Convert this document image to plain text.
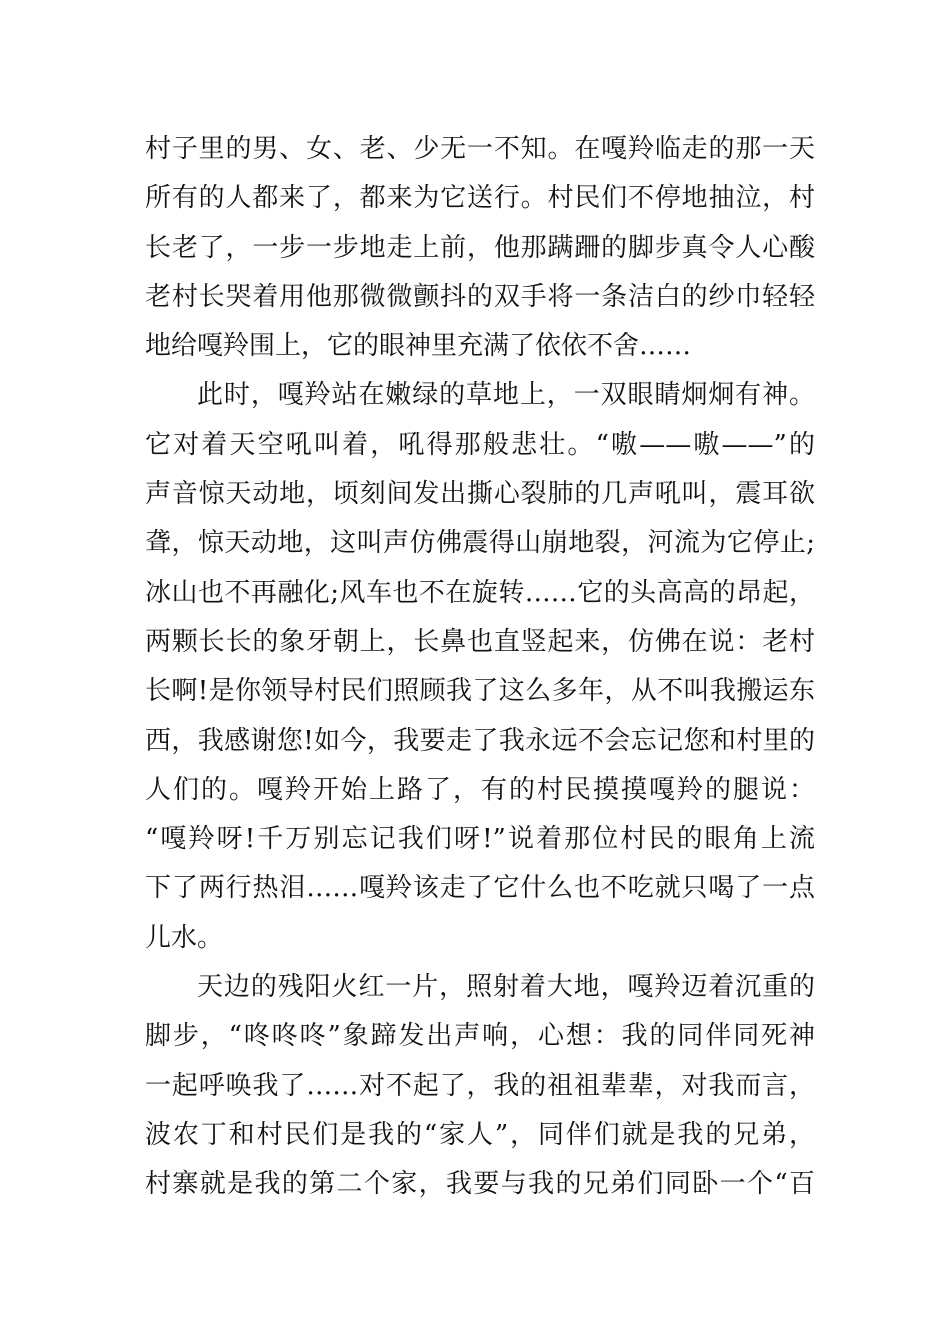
村子里的男、女、老、少无一不知。在嘎羚临走的那一天
所有的人都来了，都来为它送行。村民们不停地抽泣，村
长老了，一步一步地走上前，他那蹒跚的脚步真令人心酸
老村长哭着用他那微微颤抖的双手将一条洁白的纱巾轻轻
地给嘎羚围上，它的眼神里充满了依依不舍……
此时，嘎羚站在嫩绿的草地上，一双眼睛炯炯有神。
它对着天空吼叫着，吼得那般悲壮。“嗷——嗷——”的
声音惊天动地，顷刻间发出撕心裂肺的几声吼叫，震耳欲
聋，惊天动地，这叫声仿佛震得山崩地裂，河流为它停止;
冰山也不再融化;风车也不在旋转……它的头高高的昂起，
两颗长长的象牙朝上，长鼻也直竖起来，仿佛在说：老村
长啊!是你领导村民们照顾我了这么多年，从不叫我搬运东
西，我感谢您!如今，我要走了我永远不会忘记您和村里的
人们的。嘎羚开始上路了，有的村民摸摸嘎羚的腿说：
“嘎羚呀!千万别忘记我们呀!”说着那位村民的眼角上流
下了两行热泪……嘎羚该走了它什么也不吃就只喝了一点
儿水。
天边的残阳火红一片，照射着大地，嘎羚迈着沉重的
脚步，“咚咚咚”象蹄发出声响，心想：我的同伴同死神
一起呼唤我了……对不起了，我的祖祖辈辈，对我而言，
波农丁和村民们是我的“家人”，同伴们就是我的兄弟，
村寨就是我的第二个家，我要与我的兄弟们同卧一个“百
